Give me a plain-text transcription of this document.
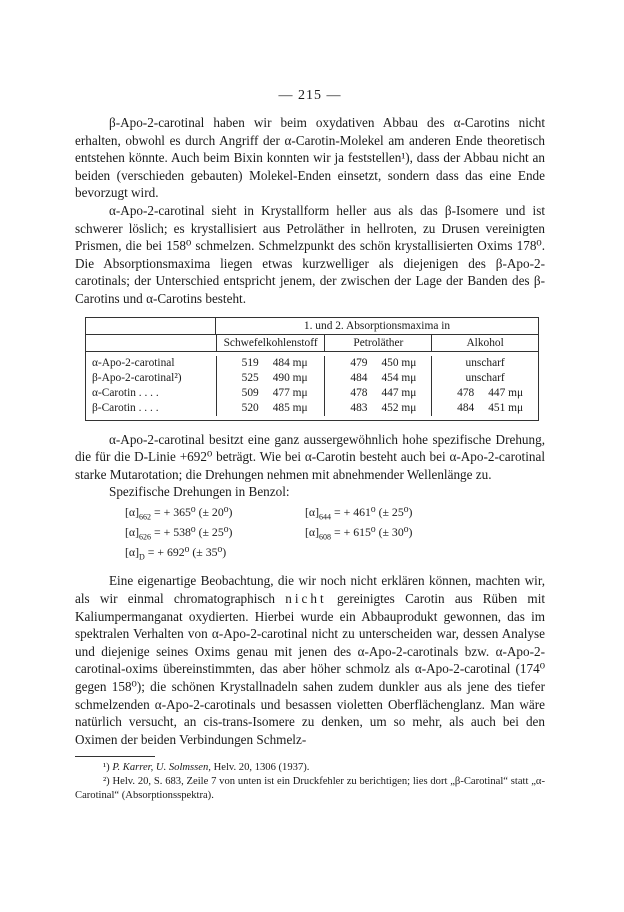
— 215 —

β-Apo-2-carotinal haben wir beim oxydativen Abbau des α-Carotins nicht erhalten, obwohl es durch Angriff der α-Carotin-Molekel am anderen Ende theoretisch entstehen könnte. Auch beim Bixin konnten wir ja feststellen¹), dass der Abbau nicht an beiden (verschieden gebauten) Molekel-Enden einsetzt, sondern dass das eine Ende bevorzugt wird.

α-Apo-2-carotinal sieht in Krystallform heller aus als das β-Isomere und ist schwerer löslich; es krystallisiert aus Petroläther in hellroten, zu Drusen vereinigten Prismen, die bei 158⁰ schmelzen. Schmelzpunkt des schön krystallisierten Oxims 178⁰. Die Absorptionsmaxima liegen etwas kurzwelliger als diejenigen des β-Apo-2-carotinals; der Unterschied entspricht jenem, der zwischen der Lage der Banden des β-Carotins und α-Carotins besteht.

1. und 2. Absorptionsmaxima in
Schwefelkohlenstoff	Petroläther	Alkohol
α-Apo-2-carotinal	519	484 mμ	479	450 mμ	unscharf
β-Apo-2-carotinal²)	525	490 mμ	484	454 mμ	unscharf
α-Carotin . . . .	509	477 mμ	478	447 mμ	478	447 mμ
β-Carotin . . . .	520	485 mμ	483	452 mμ	484	451 mμ

α-Apo-2-carotinal besitzt eine ganz aussergewöhnlich hohe spezifische Drehung, die für die D-Linie +692⁰ beträgt. Wie bei α-Carotin besteht auch bei α-Apo-2-carotinal starke Mutarotation; die Drehungen nehmen mit abnehmender Wellenlänge zu.

Spezifische Drehungen in Benzol:

$[\alpha]_{662}$ = + 365⁰ (± 20⁰)	$[\alpha]_{644}$ = + 461⁰ (± 25⁰)
$[\alpha]_{626}$ = + 538⁰ (± 25⁰)	$[\alpha]_{608}$ = + 615⁰ (± 30⁰)
$[\alpha]_D$ = + 692⁰ (± 35⁰)

Eine eigenartige Beobachtung, die wir noch nicht erklären können, machten wir, als wir einmal chromatographisch nicht gereinigtes Carotin aus Rüben mit Kaliumpermanganat oxydierten. Hierbei wurde ein Abbauprodukt gewonnen, das im spektralen Verhalten von α-Apo-2-carotinal nicht zu unterscheiden war, dessen Analyse und diejenige seines Oxims genau mit jenen des α-Apo-2-carotinals bzw. α-Apo-2-carotinal-oxims übereinstimmten, das aber höher schmolz als α-Apo-2-carotinal (174⁰ gegen 158⁰); die schönen Krystallnadeln sahen zudem dunkler aus als jene des tiefer schmelzenden α-Apo-2-carotinals und besassen violetten Oberflächenglanz. Man wäre natürlich versucht, an cis-trans-Isomere zu denken, um so mehr, als auch bei den Oximen der beiden Verbindungen Schmelz-

¹) P. Karrer, U. Solmssen, Helv. 20, 1306 (1937).
²) Helv. 20, S. 683, Zeile 7 von unten ist ein Druckfehler zu berichtigen; lies dort „β-Carotinal“ statt „α-Carotinal“ (Absorptionsspektra).
